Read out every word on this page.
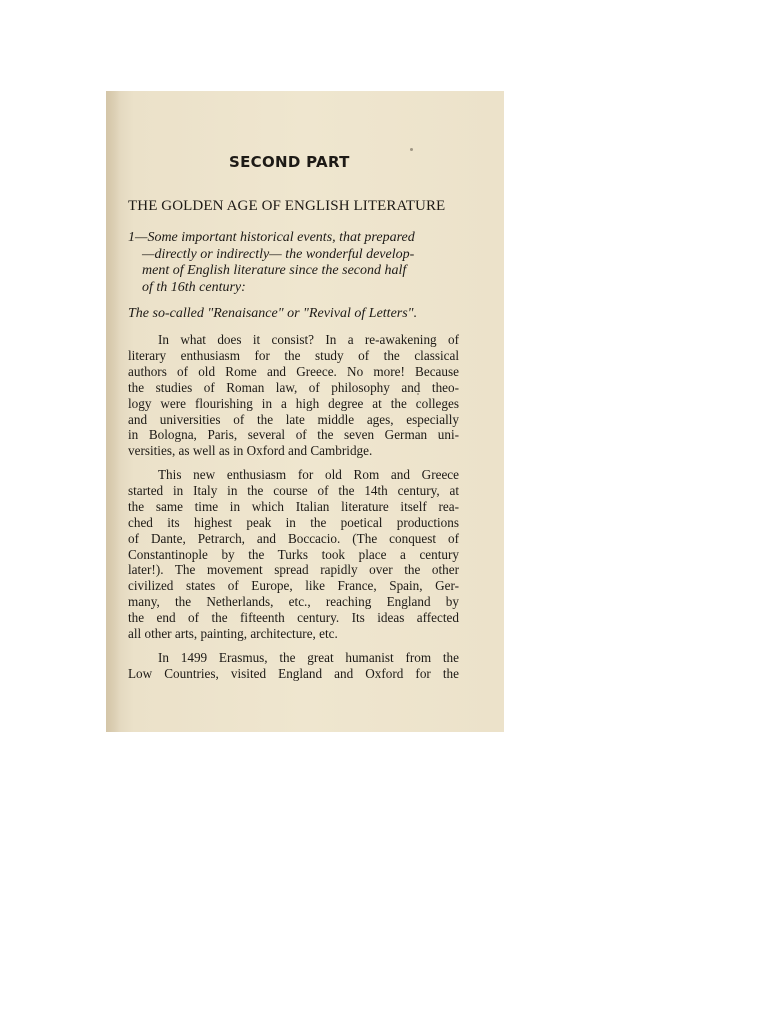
SECOND PART
THE GOLDEN AGE OF ENGLISH LITERATURE
1—Some important historical events, that prepared
—directly or indirectly— the wonderful develop-
ment of English literature since the second half
of th 16th century:
The so-called "Renaisance" or "Revival of Letters".
In what does it consist? In a re-awakening of
literary enthusiasm for the study of the classical
authors of old Rome and Greece. No more! Because
the studies of Roman law, of philosophy and theo-
logy were flourishing in a high degree at the colleges
and universities of the late middle ages, especially
in Bologna, Paris, several of the seven German uni-
versities, as well as in Oxford and Cambridge.
This new enthusiasm for old Rom and Greece
started in Italy in the course of the 14th century, at
the same time in which Italian literature itself rea-
ched its highest peak in the poetical productions
of Dante, Petrarch, and Boccacio. (The conquest of
Constantinople by the Turks took place a century
later!). The movement spread rapidly over the other
civilized states of Europe, like France, Spain, Ger-
many, the Netherlands, etc., reaching England by
the end of the fifteenth century. Its ideas affected
all other arts, painting, architecture, etc.
In 1499 Erasmus, the great humanist from the
Low Countries, visited England and Oxford for the
